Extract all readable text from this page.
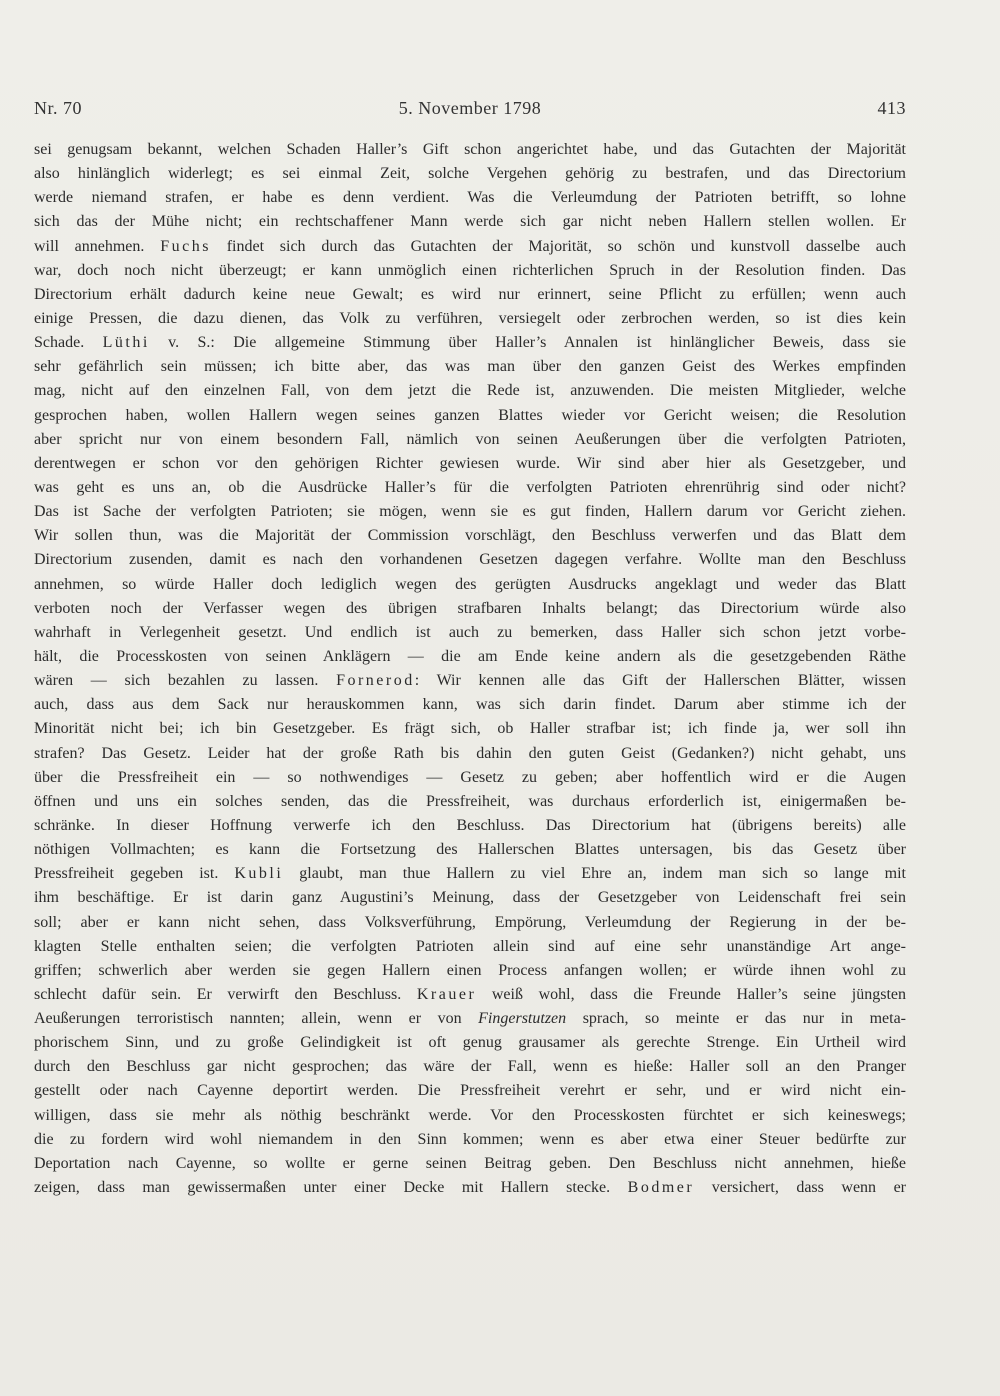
Nr. 70	5. November 1798	413
sei genugsam bekannt, welchen Schaden Haller’s Gift schon angerichtet habe, und das Gutachten der Majorität
also hinlänglich widerlegt; es sei einmal Zeit, solche Vergehen gehörig zu bestrafen, und das Directorium
werde niemand strafen, er habe es denn verdient. Was die Verleumdung der Patrioten betrifft, so lohne
sich das der Mühe nicht; ein rechtschaffener Mann werde sich gar nicht neben Hallern stellen wollen. Er
will annehmen. Fuchs findet sich durch das Gutachten der Majorität, so schön und kunstvoll dasselbe auch
war, doch noch nicht überzeugt; er kann unmöglich einen richterlichen Spruch in der Resolution finden. Das
Directorium erhält dadurch keine neue Gewalt; es wird nur erinnert, seine Pflicht zu erfüllen; wenn auch
einige Pressen, die dazu dienen, das Volk zu verführen, versiegelt oder zerbrochen werden, so ist dies kein
Schade. Lüthi v. S.: Die allgemeine Stimmung über Haller’s Annalen ist hinlänglicher Beweis, dass sie
sehr gefährlich sein müssen; ich bitte aber, das was man über den ganzen Geist des Werkes empfinden
mag, nicht auf den einzelnen Fall, von dem jetzt die Rede ist, anzuwenden. Die meisten Mitglieder, welche
gesprochen haben, wollen Hallern wegen seines ganzen Blattes wieder vor Gericht weisen; die Resolution
aber spricht nur von einem besondern Fall, nämlich von seinen Aeußerungen über die verfolgten Patrioten,
derentwegen er schon vor den gehörigen Richter gewiesen wurde. Wir sind aber hier als Gesetzgeber, und
was geht es uns an, ob die Ausdrücke Haller’s für die verfolgten Patrioten ehrenrührig sind oder nicht?
Das ist Sache der verfolgten Patrioten; sie mögen, wenn sie es gut finden, Hallern darum vor Gericht ziehen.
Wir sollen thun, was die Majorität der Commission vorschlägt, den Beschluss verwerfen und das Blatt dem
Directorium zusenden, damit es nach den vorhandenen Gesetzen dagegen verfahre. Wollte man den Beschluss
annehmen, so würde Haller doch lediglich wegen des gerügten Ausdrucks angeklagt und weder das Blatt
verboten noch der Verfasser wegen des übrigen strafbaren Inhalts belangt; das Directorium würde also
wahrhaft in Verlegenheit gesetzt. Und endlich ist auch zu bemerken, dass Haller sich schon jetzt vorbe-
hält, die Processkosten von seinen Anklägern — die am Ende keine andern als die gesetzgebenden Räthe
wären — sich bezahlen zu lassen. Fornerod: Wir kennen alle das Gift der Hallerschen Blätter, wissen
auch, dass aus dem Sack nur herauskommen kann, was sich darin findet. Darum aber stimme ich der
Minorität nicht bei; ich bin Gesetzgeber. Es frägt sich, ob Haller strafbar ist; ich finde ja, wer soll ihn
strafen? Das Gesetz. Leider hat der große Rath bis dahin den guten Geist (Gedanken?) nicht gehabt, uns
über die Pressfreiheit ein — so nothwendiges — Gesetz zu geben; aber hoffentlich wird er die Augen
öffnen und uns ein solches senden, das die Pressfreiheit, was durchaus erforderlich ist, einigermaßen be-
schränke. In dieser Hoffnung verwerfe ich den Beschluss. Das Directorium hat (übrigens bereits) alle
nöthigen Vollmachten; es kann die Fortsetzung des Hallerschen Blattes untersagen, bis das Gesetz über
Pressfreiheit gegeben ist. Kubli glaubt, man thue Hallern zu viel Ehre an, indem man sich so lange mit
ihm beschäftige. Er ist darin ganz Augustini’s Meinung, dass der Gesetzgeber von Leidenschaft frei sein
soll; aber er kann nicht sehen, dass Volksverführung, Empörung, Verleumdung der Regierung in der be-
klagten Stelle enthalten seien; die verfolgten Patrioten allein sind auf eine sehr unanständige Art ange-
griffen; schwerlich aber werden sie gegen Hallern einen Process anfangen wollen; er würde ihnen wohl zu
schlecht dafür sein. Er verwirft den Beschluss. Krauer weiß wohl, dass die Freunde Haller’s seine jüngsten
Aeußerungen terroristisch nannten; allein, wenn er von Fingerstutzen sprach, so meinte er das nur in meta-
phorischem Sinn, und zu große Gelindigkeit ist oft genug grausamer als gerechte Strenge. Ein Urtheil wird
durch den Beschluss gar nicht gesprochen; das wäre der Fall, wenn es hieße: Haller soll an den Pranger
gestellt oder nach Cayenne deportirt werden. Die Pressfreiheit verehrt er sehr, und er wird nicht ein-
willigen, dass sie mehr als nöthig beschränkt werde. Vor den Processkosten fürchtet er sich keineswegs;
die zu fordern wird wohl niemandem in den Sinn kommen; wenn es aber etwa einer Steuer bedürfte zur
Deportation nach Cayenne, so wollte er gerne seinen Beitrag geben. Den Beschluss nicht annehmen, hieße
zeigen, dass man gewissermaßen unter einer Decke mit Hallern stecke. Bodmer versichert, dass wenn er
